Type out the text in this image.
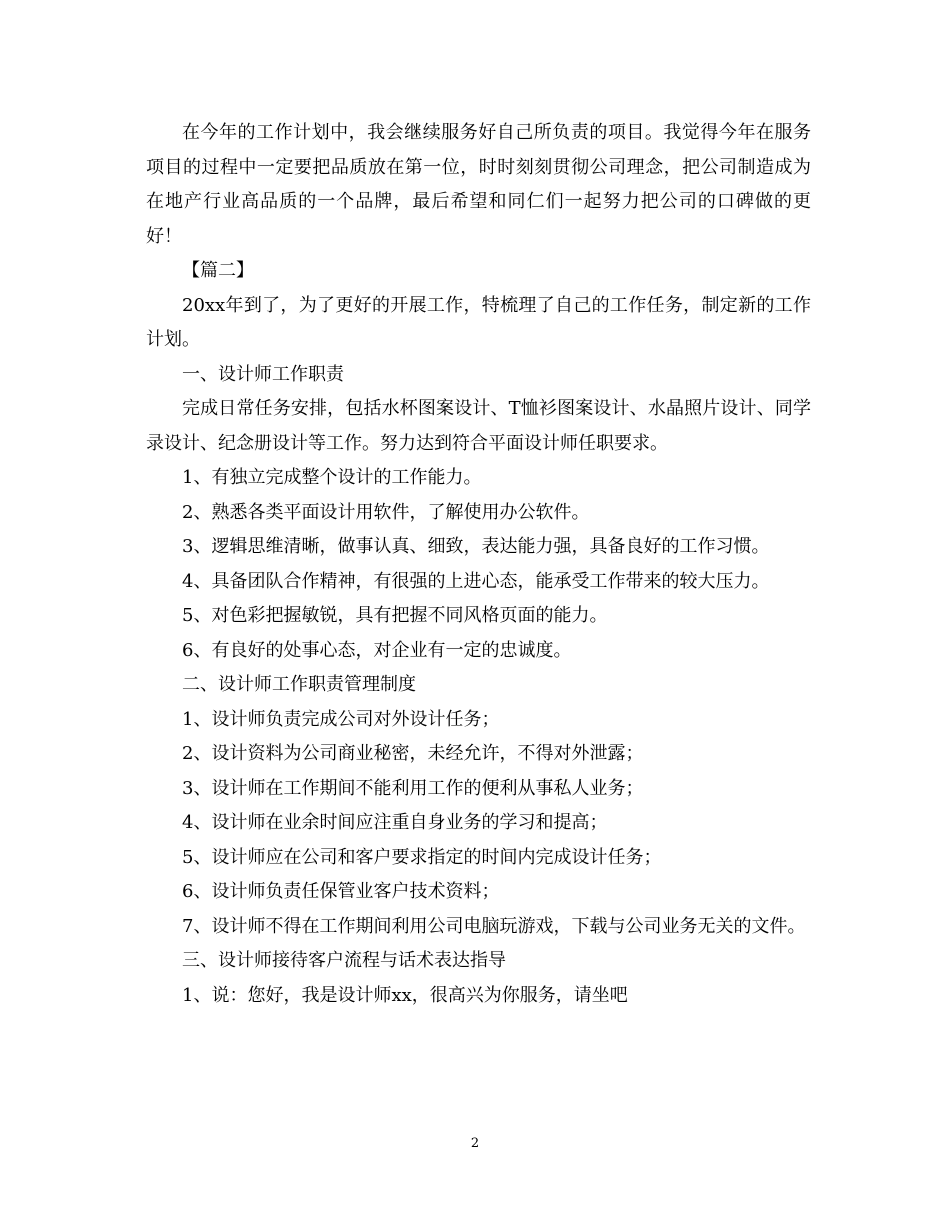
在今年的工作计划中，我会继续服务好自己所负责的项目。我觉得今年在服务项目的过程中一定要把品质放在第一位，时时刻刻贯彻公司理念，把公司制造成为在地产行业高品质的一个品牌，最后希望和同仁们一起努力把公司的口碑做的更好！

【篇二】

20xx年到了，为了更好的开展工作，特梳理了自己的工作任务，制定新的工作计划。

一、设计师工作职责

完成日常任务安排，包括水杯图案设计、T恤衫图案设计、水晶照片设计、同学录设计、纪念册设计等工作。努力达到符合平面设计师任职要求。

1、有独立完成整个设计的工作能力。

2、熟悉各类平面设计用软件，了解使用办公软件。

3、逻辑思维清晰，做事认真、细致，表达能力强，具备良好的工作习惯。

4、具备团队合作精神，有很强的上进心态，能承受工作带来的较大压力。

5、对色彩把握敏锐，具有把握不同风格页面的能力。

6、有良好的处事心态，对企业有一定的忠诚度。

二、设计师工作职责管理制度

1、设计师负责完成公司对外设计任务；

2、设计资料为公司商业秘密，未经允许，不得对外泄露；

3、设计师在工作期间不能利用工作的便利从事私人业务；

4、设计师在业余时间应注重自身业务的学习和提高；

5、设计师应在公司和客户要求指定的时间内完成设计任务；

6、设计师负责任保管业客户技术资料；

7、设计师不得在工作期间利用公司电脑玩游戏，下载与公司业务无关的文件。

三、设计师接待客户流程与话术表达指导

1、说：您好，我是设计师xx，很高兴为你服务，请坐吧

2
